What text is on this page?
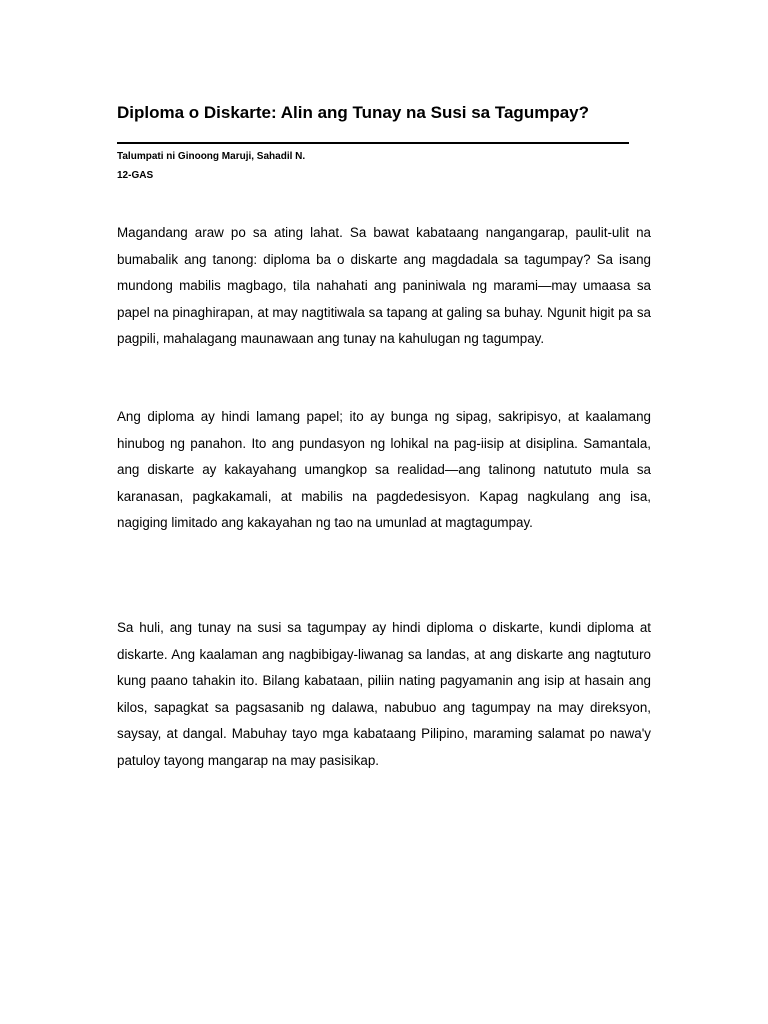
Diploma o Diskarte: Alin ang Tunay na Susi sa Tagumpay?

Talumpati ni Ginoong Maruji, Sahadil N.

12-GAS

Magandang araw po sa ating lahat. Sa bawat kabataang nangangarap, paulit-ulit na bumabalik ang tanong: diploma ba o diskarte ang magdadala sa tagumpay? Sa isang mundong mabilis magbago, tila nahahati ang paniniwala ng marami—may umaasa sa papel na pinaghirapan, at may nagtitiwala sa tapang at galing sa buhay. Ngunit higit pa sa pagpili, mahalagang maunawaan ang tunay na kahulugan ng tagumpay.

Ang diploma ay hindi lamang papel; ito ay bunga ng sipag, sakripisyo, at kaalamang hinubog ng panahon. Ito ang pundasyon ng lohikal na pag-iisip at disiplina. Samantala, ang diskarte ay kakayahang umangkop sa realidad—ang talinong natututo mula sa karanasan, pagkakamali, at mabilis na pagdedesisyon. Kapag nagkulang ang isa, nagiging limitado ang kakayahan ng tao na umunlad at magtagumpay.

Sa huli, ang tunay na susi sa tagumpay ay hindi diploma o diskarte, kundi diploma at diskarte. Ang kaalaman ang nagbibigay-liwanag sa landas, at ang diskarte ang nagtuturo kung paano tahakin ito. Bilang kabataan, piliin nating pagyamanin ang isip at hasain ang kilos, sapagkat sa pagsasanib ng dalawa, nabubuo ang tagumpay na may direksyon, saysay, at dangal. Mabuhay tayo mga kabataang Pilipino, maraming salamat po nawa'y patuloy tayong mangarap na may pasisikap.
